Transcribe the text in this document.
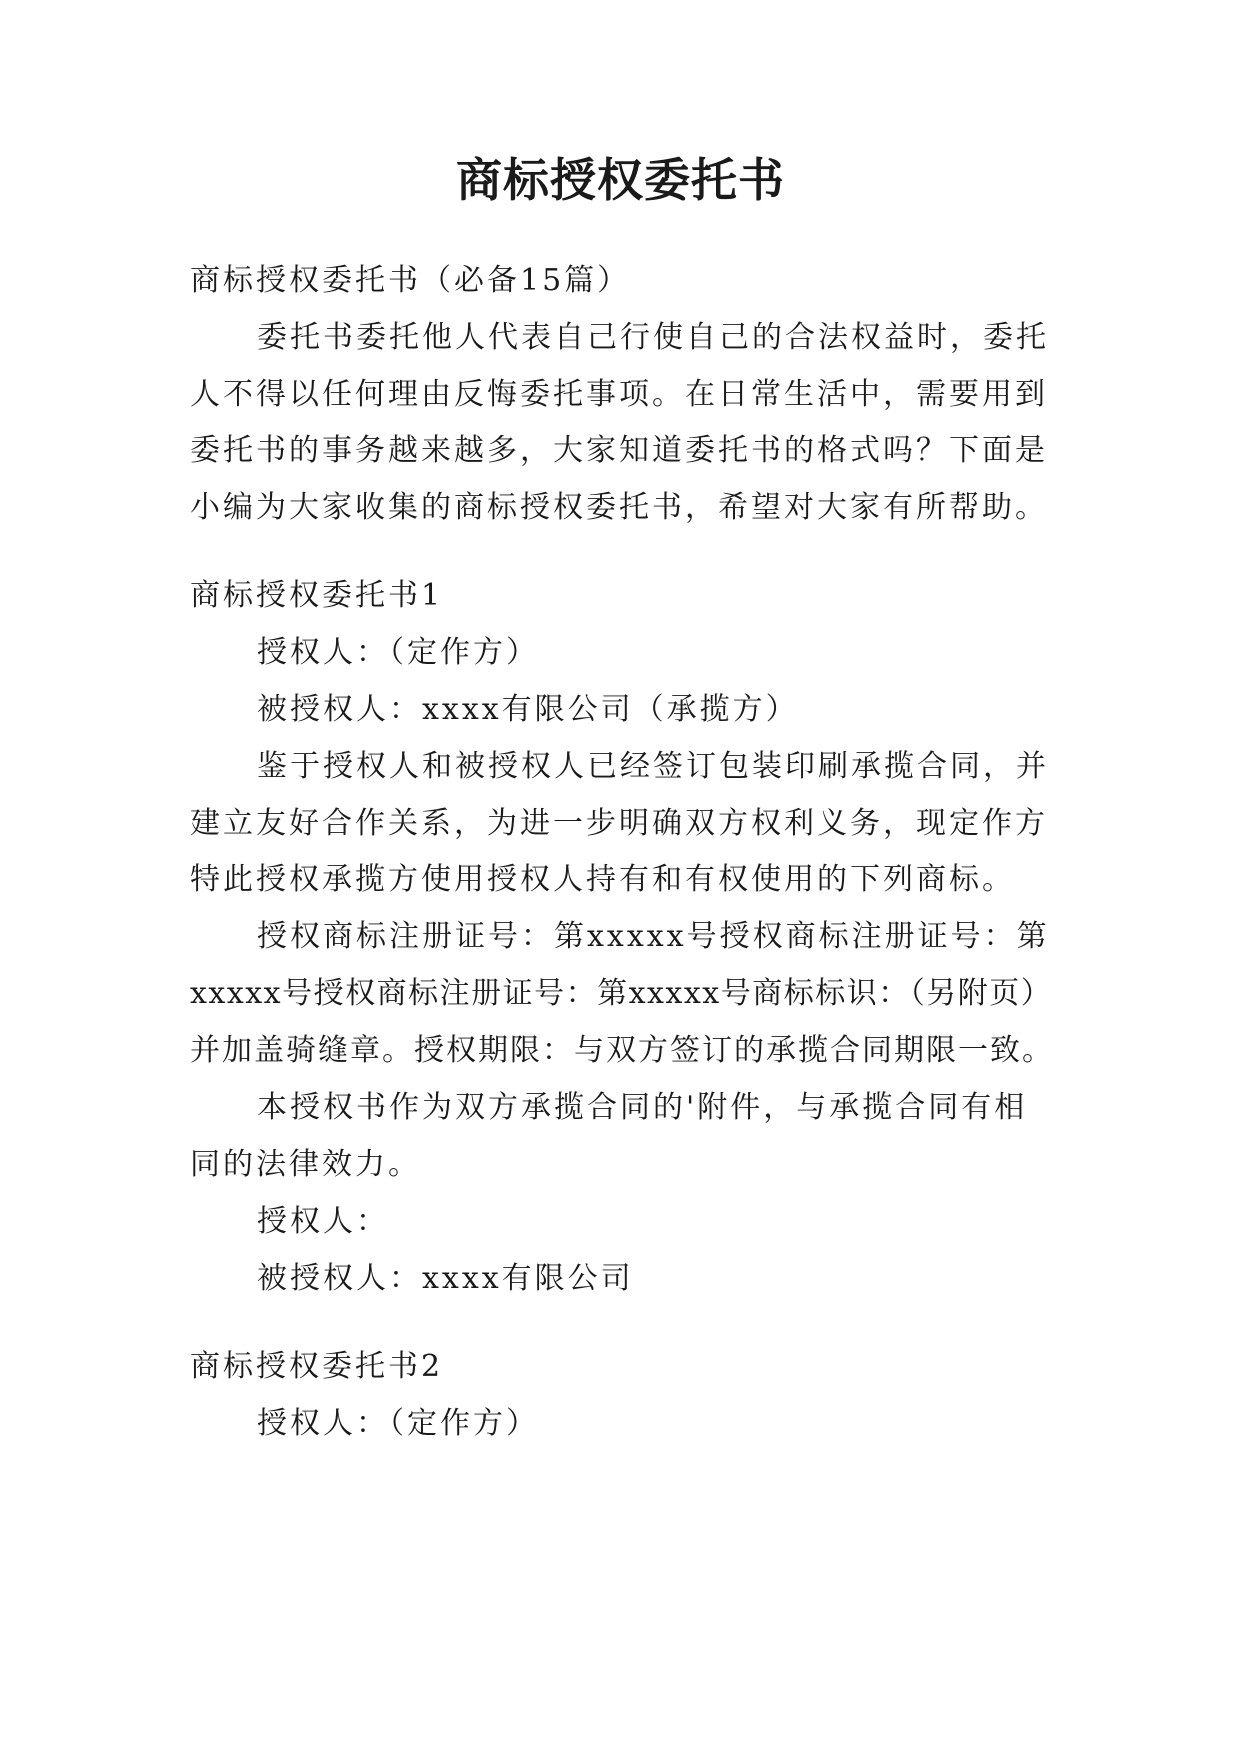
商标授权委托书
商标授权委托书（必备15篇）
委托书委托他人代表自己行使自己的合法权益时，委托
人不得以任何理由反悔委托事项。在日常生活中，需要用到
委托书的事务越来越多，大家知道委托书的格式吗？下面是
小编为大家收集的商标授权委托书，希望对大家有所帮助。
商标授权委托书1
授权人：（定作方）
被授权人：xxxx有限公司（承揽方）
鉴于授权人和被授权人已经签订包装印刷承揽合同，并
建立友好合作关系，为进一步明确双方权利义务，现定作方
特此授权承揽方使用授权人持有和有权使用的下列商标。
授权商标注册证号：第xxxxx号授权商标注册证号：第
xxxxx号授权商标注册证号：第xxxxx号商标标识：（另附页）
并加盖骑缝章。授权期限：与双方签订的承揽合同期限一致。
本授权书作为双方承揽合同的'附件，与承揽合同有相
同的法律效力。
授权人：
被授权人：xxxx有限公司
商标授权委托书2
授权人：（定作方）
